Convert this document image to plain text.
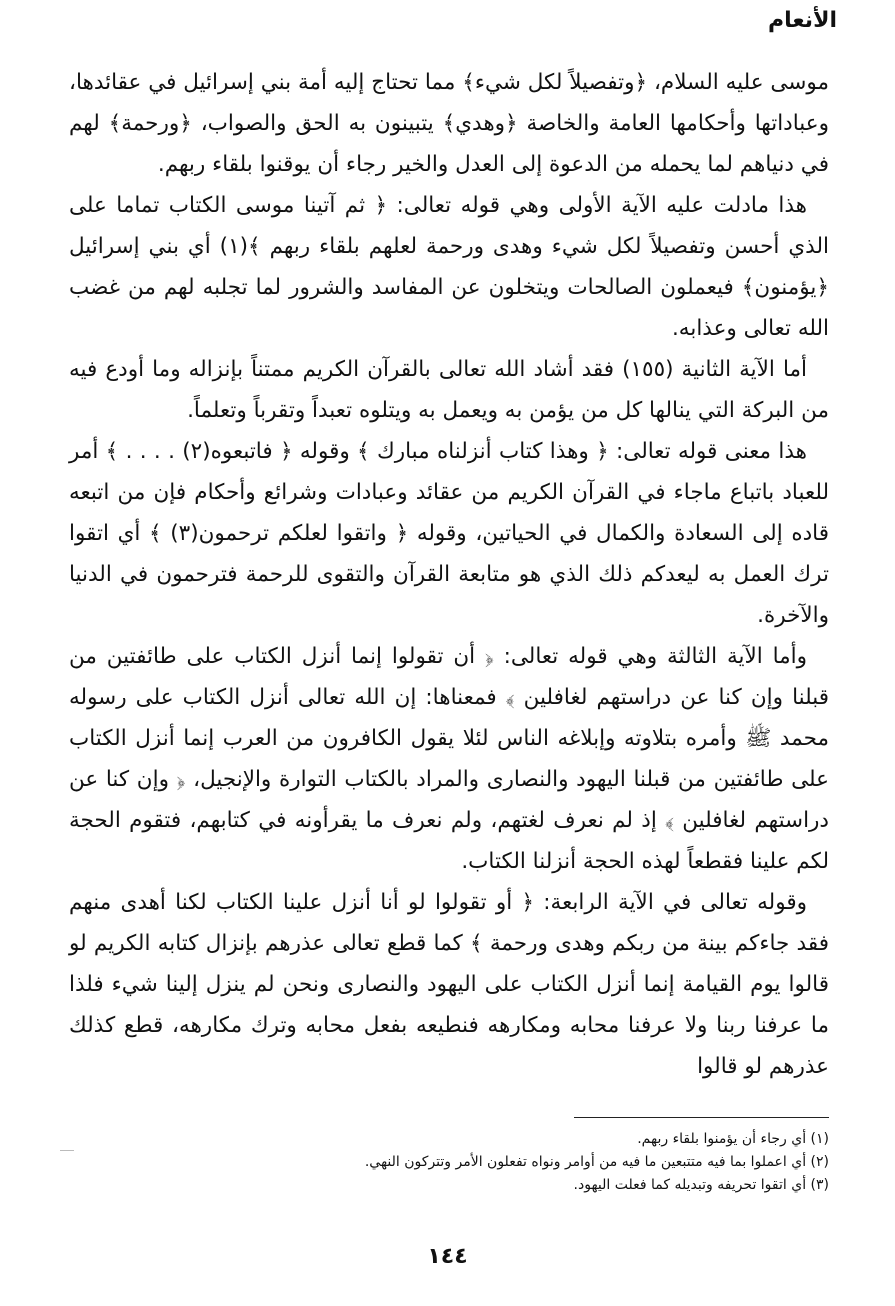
الأنعام

موسى عليه السلام، ﴿وتفصيلاً لكل شيء﴾ مما تحتاج إليه أمة بني إسرائيل في عقائدها، وعباداتها وأحكامها العامة والخاصة ﴿وهدي﴾ يتبينون به الحق والصواب، ﴿ورحمة﴾ لهم في دنياهم لما يحمله من الدعوة إلى العدل والخير رجاء أن يوقنوا بلقاء ربهم.

هذا مادلت عليه الآية الأولى وهي قوله تعالى: ﴿ ثم آتينا موسى الكتاب تماما على الذي أحسن وتفصيلاً لكل شيء وهدى ورحمة لعلهم بلقاء ربهم ﴾(١) أي بني إسرائيل ﴿يؤمنون﴾ فيعملون الصالحات ويتخلون عن المفاسد والشرور لما تجلبه لهم من غضب الله تعالى وعذابه.

أما الآية الثانية (١٥٥) فقد أشاد الله تعالى بالقرآن الكريم ممتناً بإنزاله وما أودع فيه من البركة التي ينالها كل من يؤمن به ويعمل به ويتلوه تعبداً وتقرباً وتعلماً.

هذا معنى قوله تعالى: ﴿ وهذا كتاب أنزلناه مبارك ﴾ وقوله ﴿ فاتبعوه(٢) . . . . ﴾ أمر للعباد باتباع ماجاء في القرآن الكريم من عقائد وعبادات وشرائع وأحكام فإن من اتبعه قاده إلى السعادة والكمال في الحياتين، وقوله ﴿ واتقوا لعلكم ترحمون(٣) ﴾ أي اتقوا ترك العمل به ليعدكم ذلك الذي هو متابعة القرآن والتقوى للرحمة فترحمون في الدنيا والآخرة.

وأما الآية الثالثة وهي قوله تعالى: ﴿ أن تقولوا إنما أنزل الكتاب على طائفتين من قبلنا وإن كنا عن دراستهم لغافلين ﴾ فمعناها: إن الله تعالى أنزل الكتاب على رسوله محمد ﷺ وأمره بتلاوته وإبلاغه الناس لئلا يقول الكافرون من العرب إنما أنزل الكتاب على طائفتين من قبلنا اليهود والنصارى والمراد بالكتاب التوارة والإنجيل، ﴿ وإن كنا عن دراستهم لغافلين ﴾ إذ لم نعرف لغتهم، ولم نعرف ما يقرأونه في كتابهم، فتقوم الحجة لكم علينا فقطعاً لهذه الحجة أنزلنا الكتاب.

وقوله تعالى في الآية الرابعة: ﴿ أو تقولوا لو أنا أنزل علينا الكتاب لكنا أهدى منهم فقد جاءكم بينة من ربكم وهدى ورحمة ﴾ كما قطع تعالى عذرهم بإنزال كتابه الكريم لو قالوا يوم القيامة إنما أنزل الكتاب على اليهود والنصارى ونحن لم ينزل إلينا شيء فلذا ما عرفنا ربنا ولا عرفنا محابه ومكارهه فنطيعه بفعل محابه وترك مكارهه، قطع كذلك عذرهم لو قالوا

(١) أي رجاء أن يؤمنوا بلقاء ربهم.

(٢) أي اعملوا بما فيه متتبعين ما فيه من أوامر ونواه تفعلون الأمر وتتركون النهي.

(٣) أي اتقوا تحريفه وتبديله كما فعلت اليهود.

١٤٤
